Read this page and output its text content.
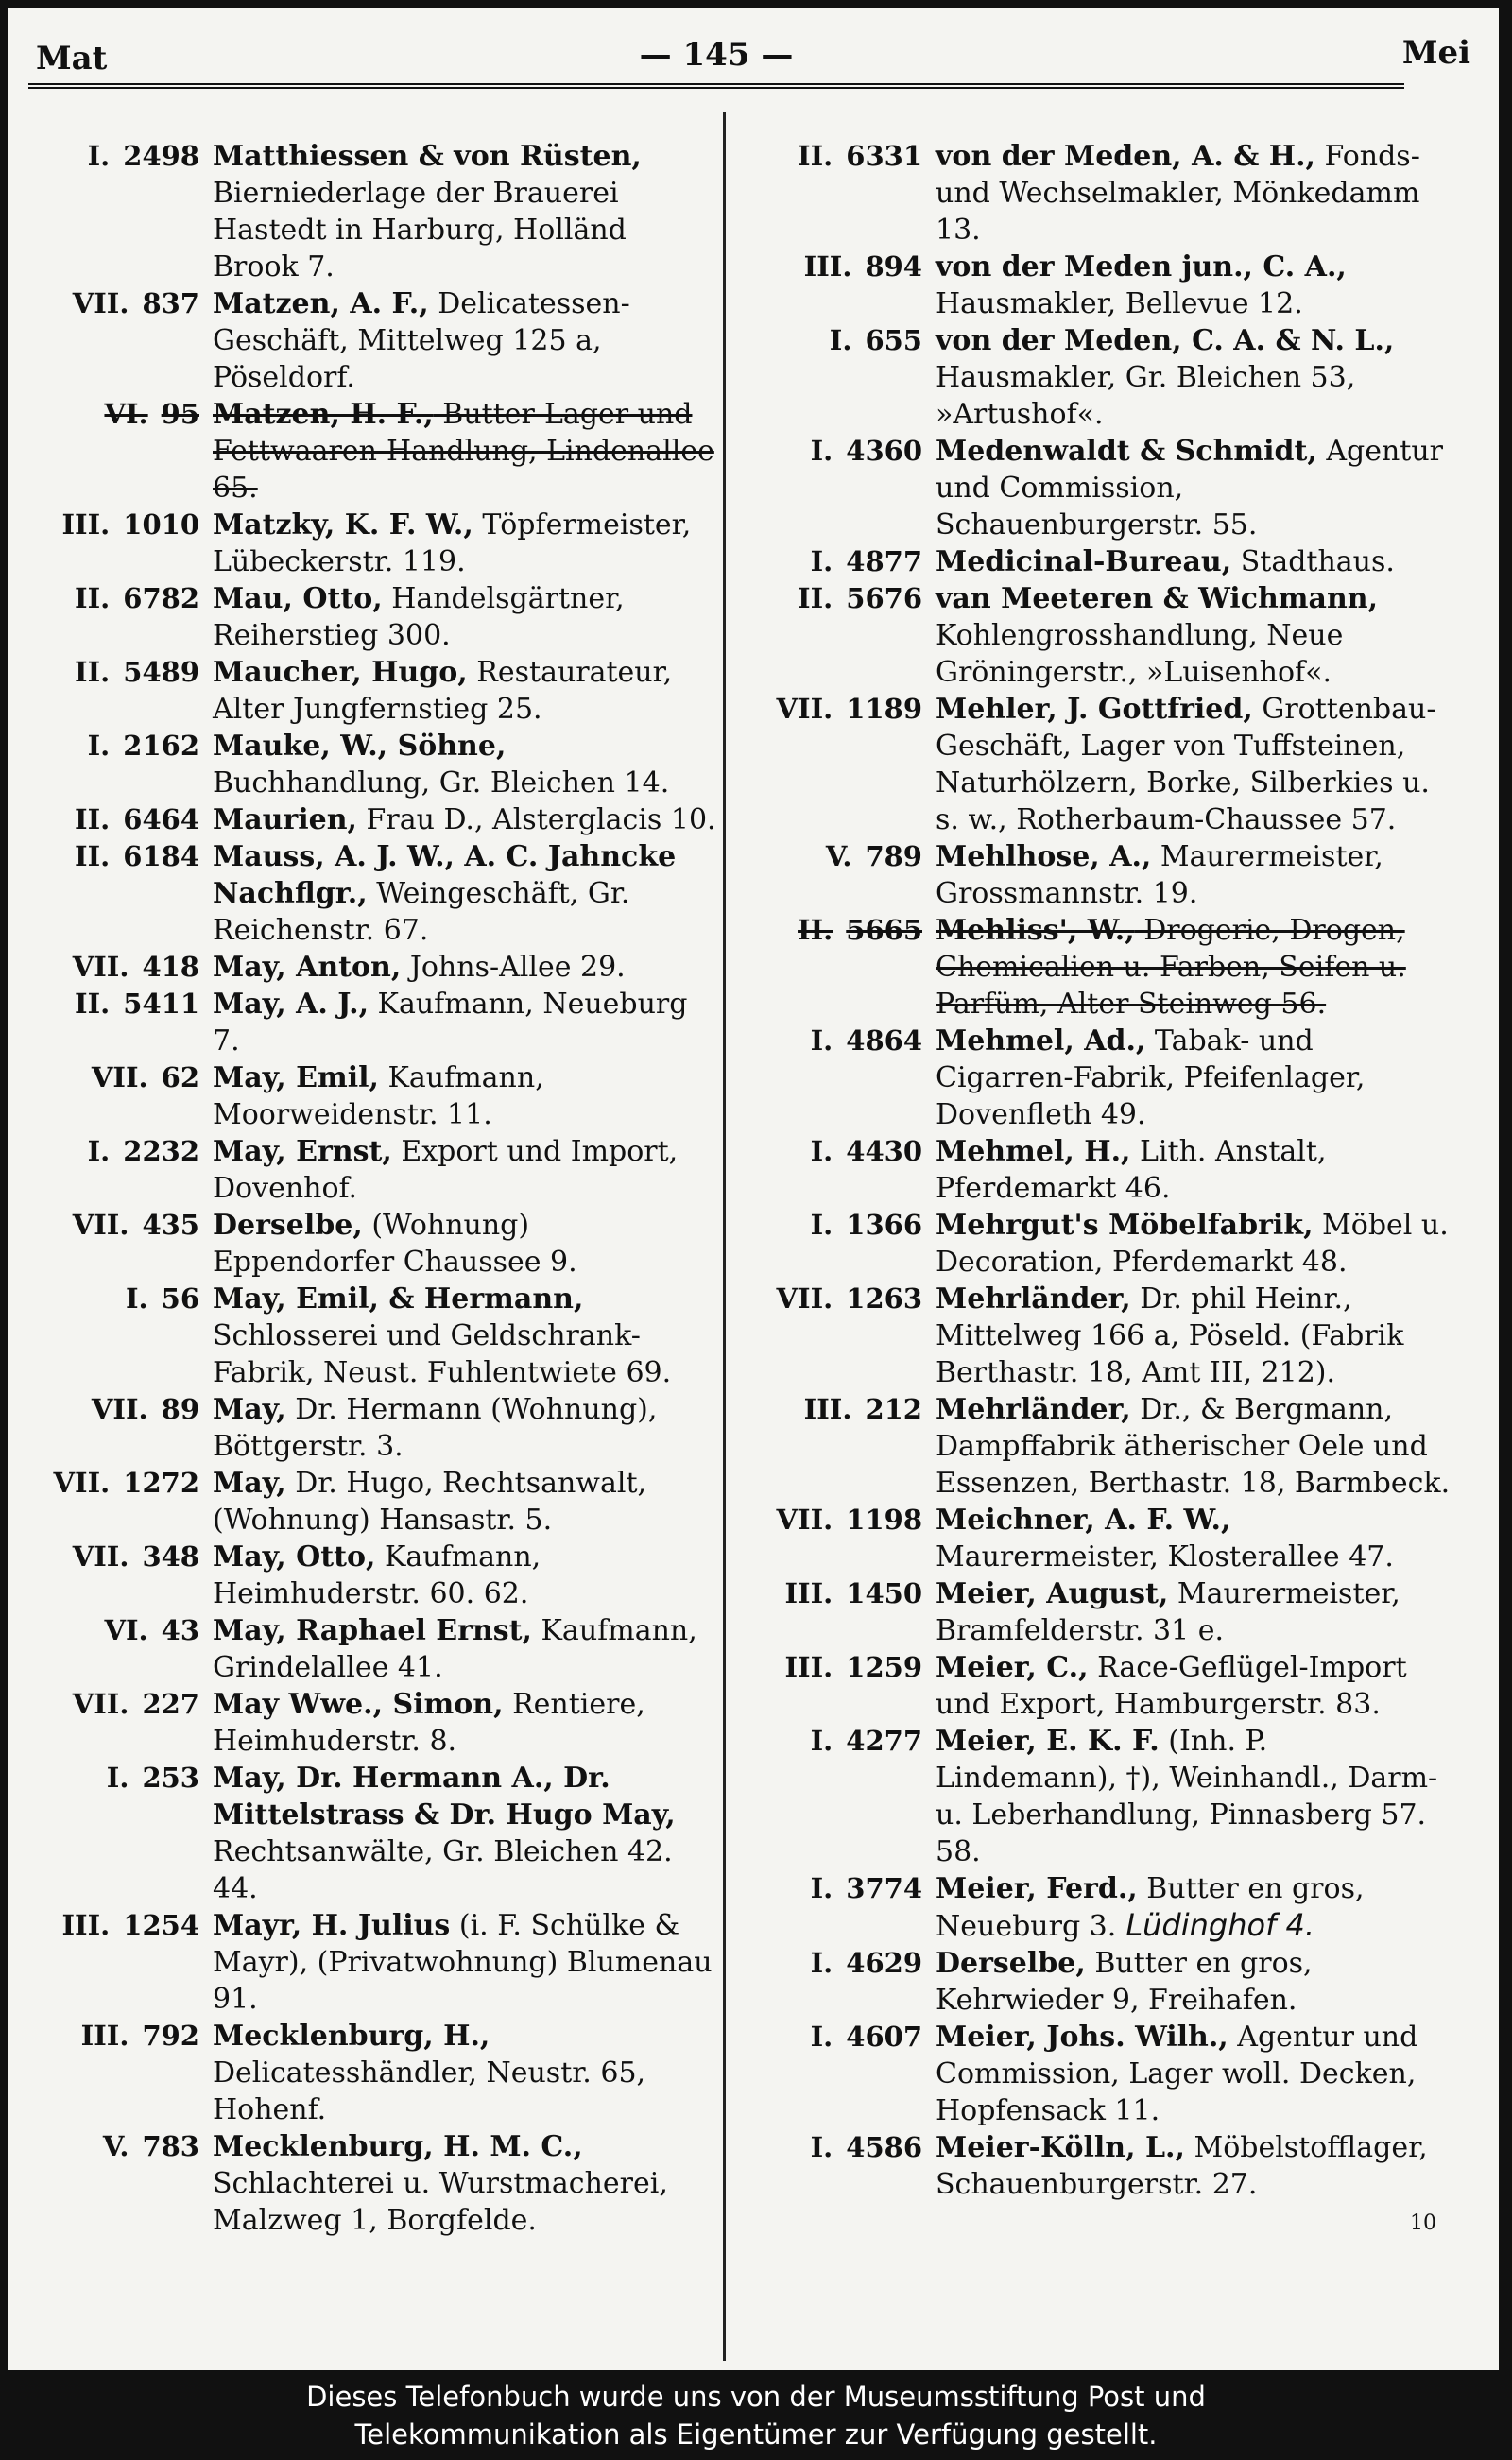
Mat	— 145 —	Mei
I. 2498 Matthiessen & von Rüsten, Bierniederlage der Brauerei Hastedt in Harburg, Holländ Brook 7.
VII. 837 Matzen, A. F., Delicatessen-Geschäft, Mittelweg 125 a, Pöseldorf.
VI. 95 Matzen, H. F., Butter-Lager und Fettwaaren-Handlung, Lindenallee 65.
III. 1010 Matzky, K. F. W., Töpfermeister, Lübeckerstr. 119.
II. 6782 Mau, Otto, Handelsgärtner, Reiherstieg 300.
II. 5489 Maucher, Hugo, Restaurateur, Alter Jungfernstieg 25.
I. 2162 Mauke, W., Söhne, Buchhandlung, Gr. Bleichen 14.
II. 6464 Maurien, Frau D., Alsterglacis 10.
II. 6184 Mauss, A. J. W., A. C. Jahncke Nachflgr., Weingeschäft, Gr. Reichenstr. 67.
VII. 418 May, Anton, Johns-Allee 29.
II. 5411 May, A. J., Kaufmann, Neueburg 7.
VII. 62 May, Emil, Kaufmann, Moorweidenstr. 11.
I. 2232 May, Ernst, Export und Import, Dovenhof.
VII. 435 Derselbe, (Wohnung) Eppendorfer Chaussee 9.
I. 56 May, Emil, & Hermann, Schlosserei und Geldschrank-Fabrik, Neust. Fuhlentwiete 69.
VII. 89 May, Dr. Hermann (Wohnung), Böttgerstr. 3.
VII. 1272 May, Dr. Hugo, Rechtsanwalt, (Wohnung) Hansastr. 5.
VII. 348 May, Otto, Kaufmann, Heimhuderstr. 60. 62.
VI. 43 May, Raphael Ernst, Kaufmann, Grindelallee 41.
VII. 227 May Wwe., Simon, Rentiere, Heimhuderstr. 8.
I. 253 May, Dr. Hermann A., Dr. Mittelstrass & Dr. Hugo May, Rechtsanwälte, Gr. Bleichen 42. 44.
III. 1254 Mayr, H. Julius (i. F. Schülke & Mayr), (Privatwohnung) Blumenau 91.
III. 792 Mecklenburg, H., Delicatesshändler, Neustr. 65, Hohenf.
V. 783 Mecklenburg, H. M. C., Schlachterei u. Wurstmacherei, Malzweg 1, Borgfelde.
II. 6331 von der Meden, A. & H., Fonds- und Wechselmakler, Mönkedamm 13.
III. 894 von der Meden jun., C. A., Hausmakler, Bellevue 12.
I. 655 von der Meden, C. A. & N. L., Hausmakler, Gr. Bleichen 53, »Artushof«.
I. 4360 Medenwaldt & Schmidt, Agentur und Commission, Schauenburgerstr. 55.
I. 4877 Medicinal-Bureau, Stadthaus.
II. 5676 van Meeteren & Wichmann, Kohlengrosshandlung, Neue Gröningerstr., »Luisenhof«.
VII. 1189 Mehler, J. Gottfried, Grottenbau-Geschäft, Lager von Tuffsteinen, Naturhölzern, Borke, Silberkies u. s. w., Rotherbaum-Chaussee 57.
V. 789 Mehlhose, A., Maurermeister, Grossmannstr. 19.
II. 5665 Mehliss', W., Drogerie, Drogen, Chemicalien u. Farben, Seifen u. Parfüm, Alter Steinweg 56.
I. 4864 Mehmel, Ad., Tabak- und Cigarren-Fabrik, Pfeifenlager, Dovenfleth 49.
I. 4430 Mehmel, H., Lith. Anstalt, Pferdemarkt 46.
I. 1366 Mehrgut's Möbelfabrik, Möbel u. Decoration, Pferdemarkt 48.
VII. 1263 Mehrländer, Dr. phil Heinr., Mittelweg 166 a, Pöseld. (Fabrik Berthastr. 18, Amt III, 212).
III. 212 Mehrländer, Dr., & Bergmann, Dampffabrik ätherischer Oele und Essenzen, Berthastr. 18, Barmbeck.
VII. 1198 Meichner, A. F. W., Maurermeister, Klosterallee 47.
III. 1450 Meier, August, Maurermeister, Bramfelderstr. 31 e.
III. 1259 Meier, C., Race-Geflügel-Import und Export, Hamburgerstr. 83.
I. 4277 Meier, E. K. F. (Inh. P. Lindemann), †), Weinhandl., Darm- u. Leberhandlung, Pinnasberg 57. 58.
I. 3774 Meier, Ferd., Butter en gros, Neueburg 3. Lüdinghof 4.
I. 4629 Derselbe, Butter en gros, Kehrwieder 9, Freihafen.
I. 4607 Meier, Johs. Wilh., Agentur und Commission, Lager woll. Decken, Hopfensack 11.
I. 4586 Meier-Kölln, L., Möbelstofflager, Schauenburgerstr. 27.
10
Dieses Telefonbuch wurde uns von der Museumsstiftung Post und
Telekommunikation als Eigentümer zur Verfügung gestellt.
